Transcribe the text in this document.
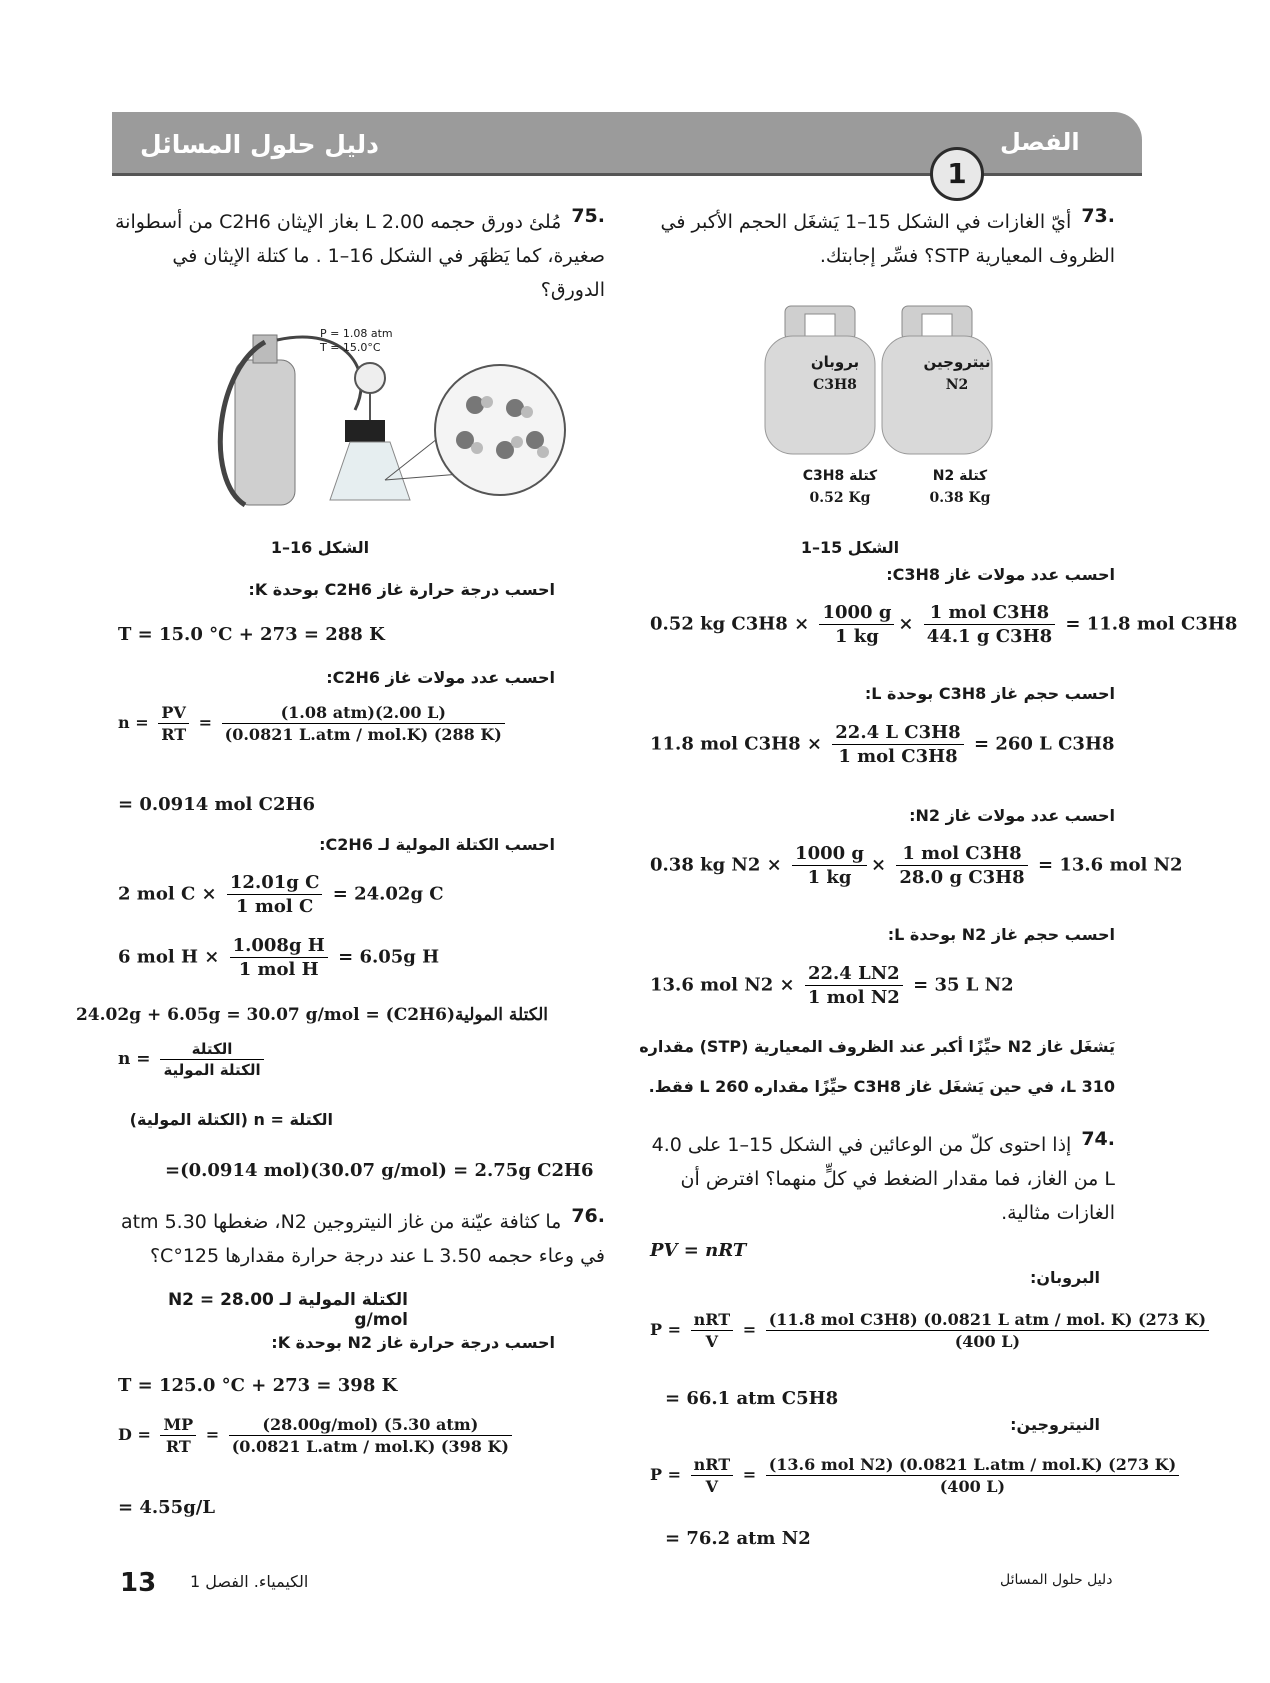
دليل حلول المسائل	الفصل
1
.73
أيّ الغازات في الشكل 15–1 يَشغَل الحجم الأكبر في الظروف المعيارية STP؟ فسِّر إجابتك.
بروبان
C3H8
نيتروجين
N2
كتلة C3H8
0.52 Kg
كتلة N2
0.38 Kg
الشكل 15–1
احسب عدد مولات غاز C3H8:
0.52 kg $C3H8 \times \frac{1000 g}{1 kg} \times \frac{\text{1 mol C3H8}}{\text{44.1 g C3H8}} = 11.8$ mol C3H8
احسب حجم غاز C3H8 بوحدة L:
11.8 mol $C3H8 \times \frac{\text{22.4 L C3H8}}{\text{1 mol C3H8}} = 260$ L C3H8
احسب عدد مولات غاز N2:
0.38 kg $N2 \times \frac{1000 g}{1 kg} \times \frac{\text{1 mol C3H8}}{\text{28.0 g C3H8}} = 13.6$ mol N2
احسب حجم غاز N2 بوحدة L:
13.6 mol $N2 \times \frac{22.4 LN2}{\text{1 mol N2}} = 35$ L N2
يَشغَل غاز N2 حيِّزًا أكبر عند الظروف المعيارية (STP) مقداره
310 L، في حين يَشغَل غاز C3H8 حيِّزًا مقداره 260 L فقط.
.74
إذا احتوى كلّ من الوعائين في الشكل 15–1 على 4.0 L من الغاز، فما مقدار الضغط في كلٍّ منهما؟ افترض أن الغازات مثالية.
PV = nRT
البروبان:
$P = \frac{\text{nRT}}{V} = \frac{\text{(11.8 mol C3H8) (0.0821 L atm / mol. K) (273 K)}}{(400 L)}$
= 66.1 atm C5H8
النيتروجين:
$P = \frac{\text{nRT}}{V} = \frac{\text{(13.6 mol N2) (0.0821 L.atm / mol.K) (273 K)}}{(400 L)}$
= 76.2 atm N2
.75
مُلئ دورق حجمه 2.00 L بغاز الإيثان C2H6 من أسطوانة صغيرة، كما يَظهَر في الشكل 16–1 . ما كتلة الإيثان في الدورق؟
P = 1.08 atm
T = 15.0°C
الشكل 16–1
احسب درجة حرارة غاز C2H6 بوحدة K:
T = 15.0 °C + 273 = 288 K
احسب عدد مولات غاز C2H6:
$n = \frac{PV}{RT} = \frac{\text{(1.08 atm)(2.00 L)}}{\text{(0.0821 L.atm / mol.K) (288 K)}}$
= 0.0914 mol C2H6
احسب الكتلة المولية لـ C2H6:
2 mol $C \times \frac{\text{12.01g C}}{\text{1 mol C}} = 24.02g$ C
6 mol $H \times \frac{\text{1.008g H}}{\text{1 mol H}} = 6.05g$ H
الكتلة المولية(C2H6) = 24.02g + 6.05g = 30.07 g/mol
$n = \frac{\text{الكتلة}}{\text{الكتلة المولية}}$
الكتلة = n (الكتلة المولية)
=(0.0914 mol)(30.07 g/mol) = 2.75g C2H6
.76
ما كثافة عيّنة من غاز النيتروجين N2، ضغطها 5.30 atm في وعاء حجمه 3.50 L عند درجة حرارة مقدارها 125°C؟
الكتلة المولية لـ N2 = 28.00 g/mol
احسب درجة حرارة غاز N2 بوحدة K:
T = 125.0 °C + 273 = 398 K
$D = \frac{MP}{RT} = \frac{\text{(28.00g/mol) (5.30 atm)}}{\text{(0.0821 L.atm / mol.K) (398 K)}}$
= 4.55g/L
13 الكيمياء. الفصل 1	دليل حلول المسائل
